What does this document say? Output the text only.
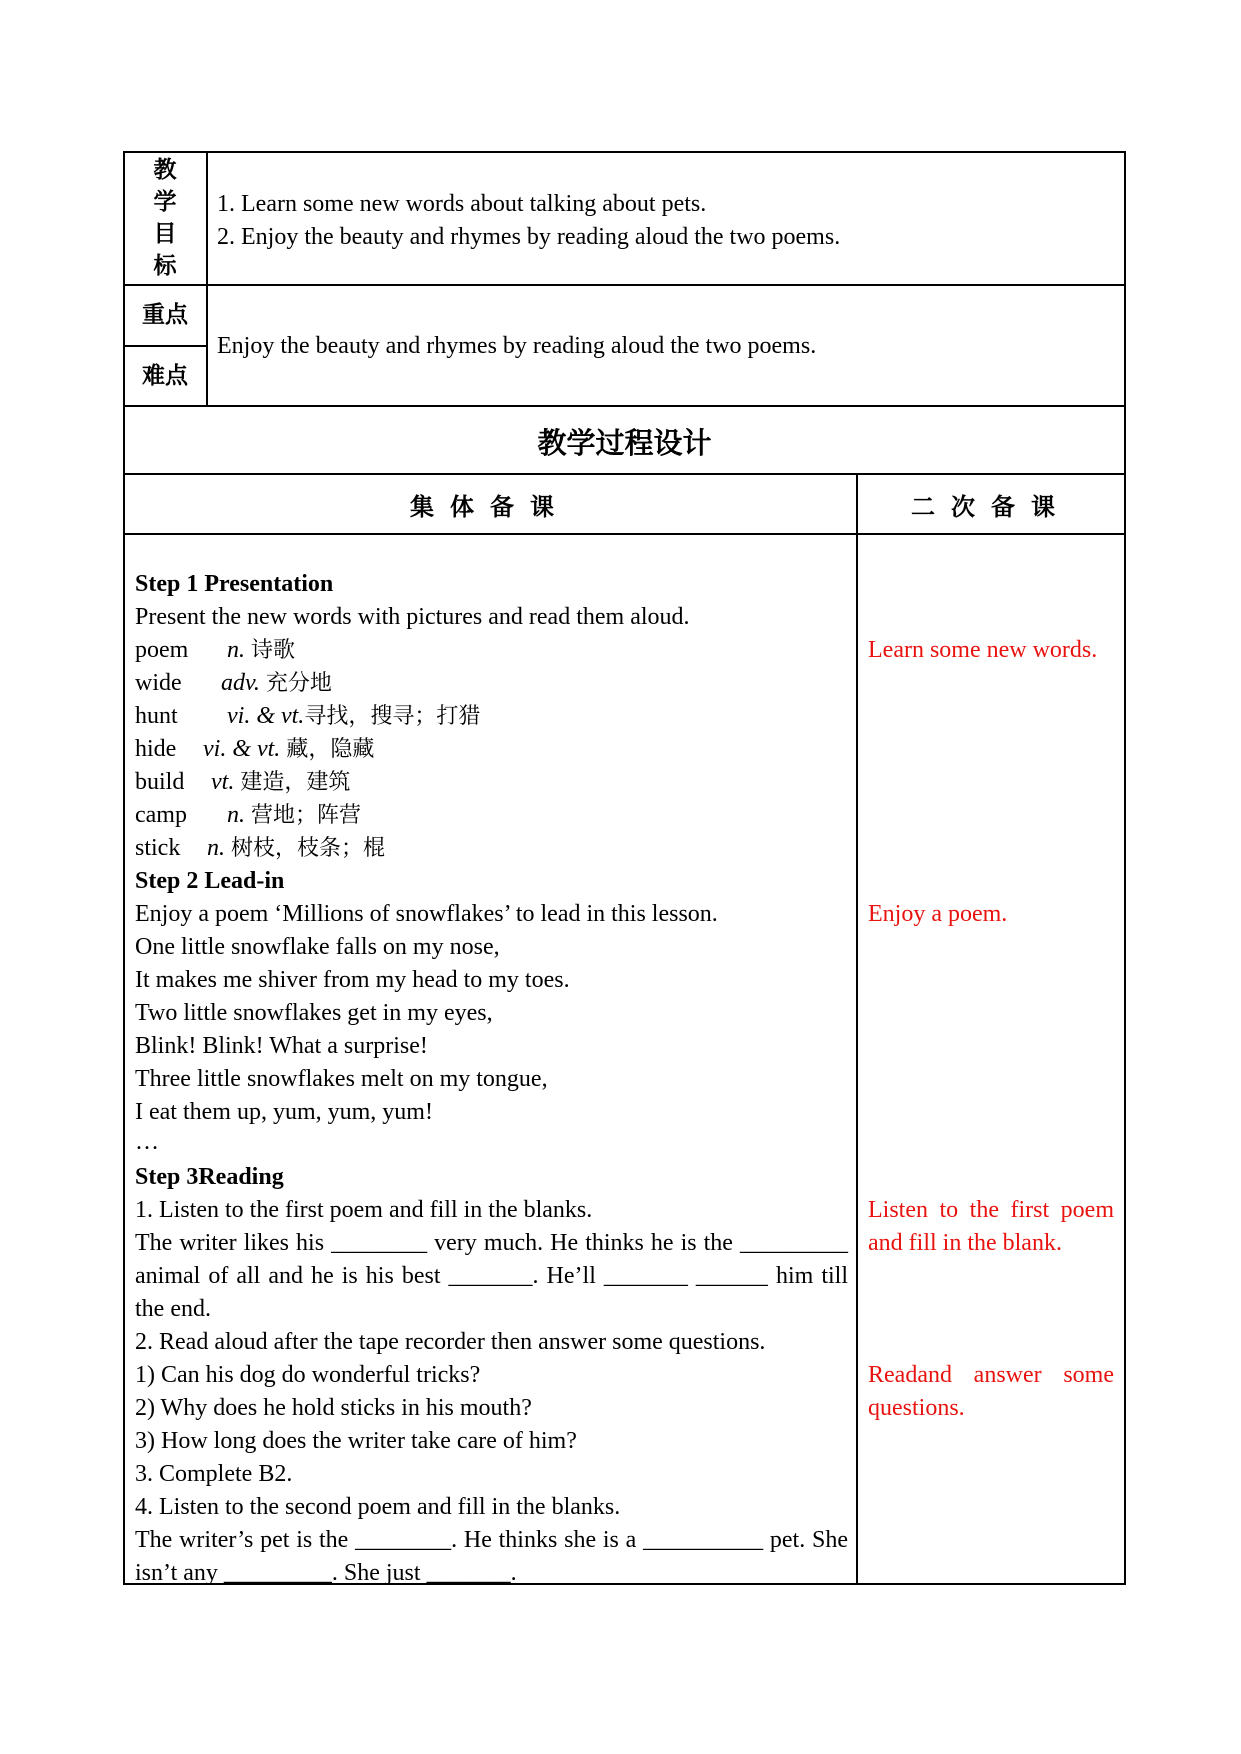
教
学
目
标
1. Learn some new words about talking about pets.
2. Enjoy the beauty and rhymes by reading aloud the two poems.
重点
难点
Enjoy the beauty and rhymes by reading aloud the two poems.
教学过程设计
集体备课	二次备课
Step 1 Presentation
Present the new words with pictures and read them aloud.
poem n. 诗歌
wide adv. 充分地
hunt vi. & vt.寻找，搜寻；打猎
hide vi. & vt. 藏，隐藏
build vt. 建造，建筑
camp n. 营地；阵营
stick n. 树枝，枝条；棍
Learn some new words.
Step 2 Lead-in
Enjoy a poem ‘Millions of snowflakes’ to lead in this lesson.
One little snowflake falls on my nose,
It makes me shiver from my head to my toes.
Two little snowflakes get in my eyes,
Blink! Blink! What a surprise!
Three little snowflakes melt on my tongue,
I eat them up, yum, yum, yum!
…
Enjoy a poem.
Step 3Reading
1. Listen to the first poem and fill in the blanks.
The writer likes his ________ very much. He thinks he is the _________ animal of all and he is his best _______. He’ll _______ ______ him till the end.
2. Read aloud after the tape recorder then answer some questions.
1) Can his dog do wonderful tricks?
2) Why does he hold sticks in his mouth?
3) How long does the writer take care of him?
3. Complete B2.
4. Listen to the second poem and fill in the blanks.
The writer’s pet is the ________. He thinks she is a __________ pet. She isn’t any _________. She just _______.
Listen to the first poem and fill in the blank.
Readand answer some questions.
